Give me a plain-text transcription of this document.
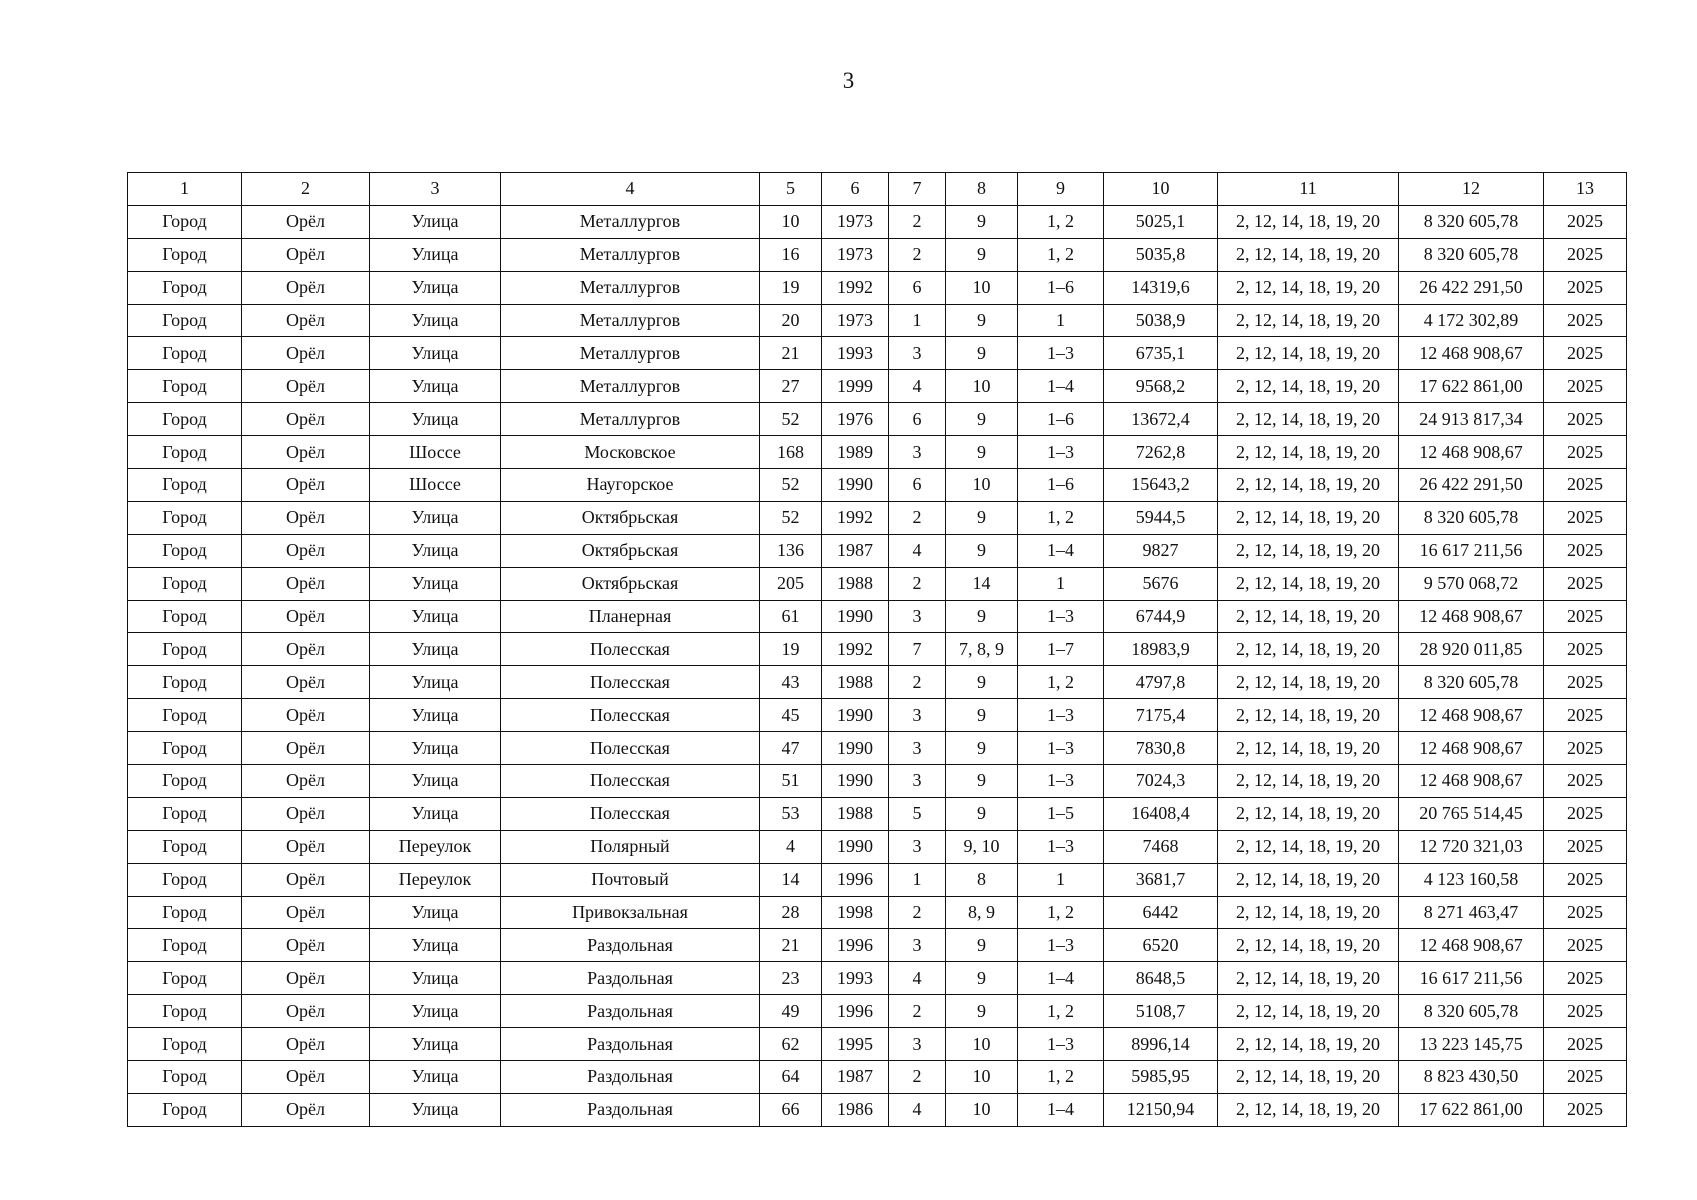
3
1	2	3	4	5	6	7	8	9	10	11	12	13
Город	Орёл	Улица	Металлургов	10	1973	2	9	1, 2	5025,1	2, 12, 14, 18, 19, 20	8 320 605,78	2025
Город	Орёл	Улица	Металлургов	16	1973	2	9	1, 2	5035,8	2, 12, 14, 18, 19, 20	8 320 605,78	2025
Город	Орёл	Улица	Металлургов	19	1992	6	10	1–6	14319,6	2, 12, 14, 18, 19, 20	26 422 291,50	2025
Город	Орёл	Улица	Металлургов	20	1973	1	9	1	5038,9	2, 12, 14, 18, 19, 20	4 172 302,89	2025
Город	Орёл	Улица	Металлургов	21	1993	3	9	1–3	6735,1	2, 12, 14, 18, 19, 20	12 468 908,67	2025
Город	Орёл	Улица	Металлургов	27	1999	4	10	1–4	9568,2	2, 12, 14, 18, 19, 20	17 622 861,00	2025
Город	Орёл	Улица	Металлургов	52	1976	6	9	1–6	13672,4	2, 12, 14, 18, 19, 20	24 913 817,34	2025
Город	Орёл	Шоссе	Московское	168	1989	3	9	1–3	7262,8	2, 12, 14, 18, 19, 20	12 468 908,67	2025
Город	Орёл	Шоссе	Наугорское	52	1990	6	10	1–6	15643,2	2, 12, 14, 18, 19, 20	26 422 291,50	2025
Город	Орёл	Улица	Октябрьская	52	1992	2	9	1, 2	5944,5	2, 12, 14, 18, 19, 20	8 320 605,78	2025
Город	Орёл	Улица	Октябрьская	136	1987	4	9	1–4	9827	2, 12, 14, 18, 19, 20	16 617 211,56	2025
Город	Орёл	Улица	Октябрьская	205	1988	2	14	1	5676	2, 12, 14, 18, 19, 20	9 570 068,72	2025
Город	Орёл	Улица	Планерная	61	1990	3	9	1–3	6744,9	2, 12, 14, 18, 19, 20	12 468 908,67	2025
Город	Орёл	Улица	Полесская	19	1992	7	7, 8, 9	1–7	18983,9	2, 12, 14, 18, 19, 20	28 920 011,85	2025
Город	Орёл	Улица	Полесская	43	1988	2	9	1, 2	4797,8	2, 12, 14, 18, 19, 20	8 320 605,78	2025
Город	Орёл	Улица	Полесская	45	1990	3	9	1–3	7175,4	2, 12, 14, 18, 19, 20	12 468 908,67	2025
Город	Орёл	Улица	Полесская	47	1990	3	9	1–3	7830,8	2, 12, 14, 18, 19, 20	12 468 908,67	2025
Город	Орёл	Улица	Полесская	51	1990	3	9	1–3	7024,3	2, 12, 14, 18, 19, 20	12 468 908,67	2025
Город	Орёл	Улица	Полесская	53	1988	5	9	1–5	16408,4	2, 12, 14, 18, 19, 20	20 765 514,45	2025
Город	Орёл	Переулок	Полярный	4	1990	3	9, 10	1–3	7468	2, 12, 14, 18, 19, 20	12 720 321,03	2025
Город	Орёл	Переулок	Почтовый	14	1996	1	8	1	3681,7	2, 12, 14, 18, 19, 20	4 123 160,58	2025
Город	Орёл	Улица	Привокзальная	28	1998	2	8, 9	1, 2	6442	2, 12, 14, 18, 19, 20	8 271 463,47	2025
Город	Орёл	Улица	Раздольная	21	1996	3	9	1–3	6520	2, 12, 14, 18, 19, 20	12 468 908,67	2025
Город	Орёл	Улица	Раздольная	23	1993	4	9	1–4	8648,5	2, 12, 14, 18, 19, 20	16 617 211,56	2025
Город	Орёл	Улица	Раздольная	49	1996	2	9	1, 2	5108,7	2, 12, 14, 18, 19, 20	8 320 605,78	2025
Город	Орёл	Улица	Раздольная	62	1995	3	10	1–3	8996,14	2, 12, 14, 18, 19, 20	13 223 145,75	2025
Город	Орёл	Улица	Раздольная	64	1987	2	10	1, 2	5985,95	2, 12, 14, 18, 19, 20	8 823 430,50	2025
Город	Орёл	Улица	Раздольная	66	1986	4	10	1–4	12150,94	2, 12, 14, 18, 19, 20	17 622 861,00	2025
